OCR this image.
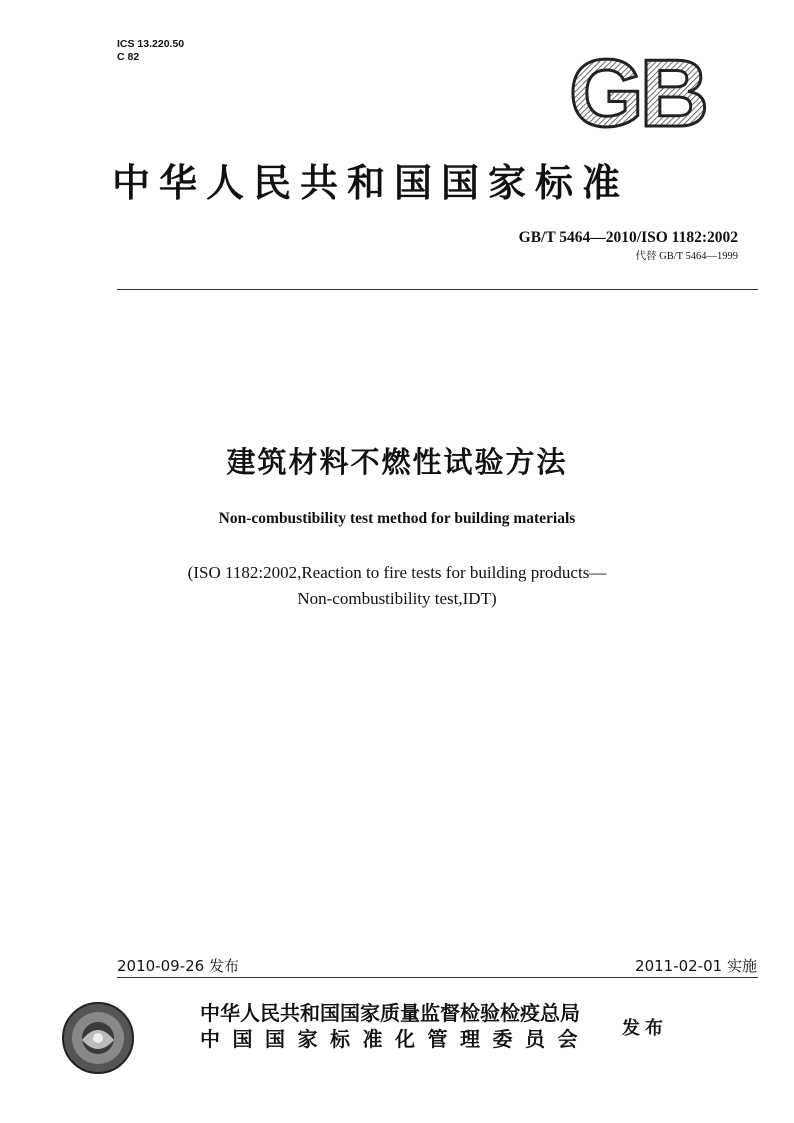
ICS 13.220.50
C 82	GB
中华人民共和国国家标准
GB/T 5464—2010/ISO 1182:2002
代替 GB/T 5464—1999
建筑材料不燃性试验方法
Non-combustibility test method for building materials
(ISO 1182:2002,Reaction to fire tests for building products—
Non-combustibility test,IDT)
2010-09-26 发布	2011-02-01 实施
中华人民共和国国家质量监督检验检疫总局
中国国家标准化管理委员会 发布
